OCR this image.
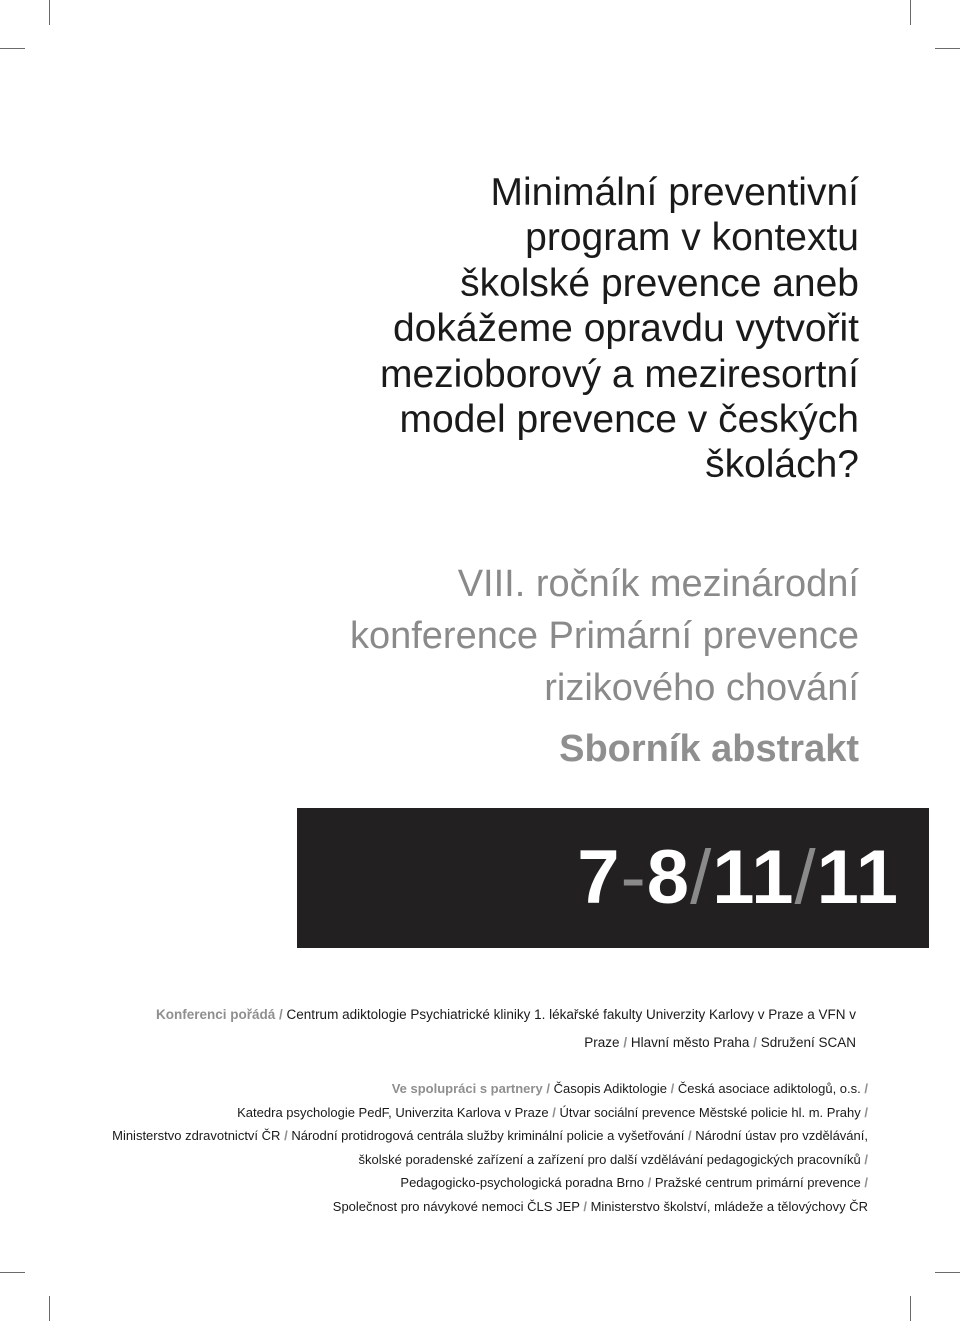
Minimální preventivní
program v kontextu
školské prevence aneb
dokážeme opravdu vytvořit
mezioborový a meziresortní
model prevence v českých
školách?
VIII. ročník mezinárodní
konference Primární prevence
rizikového chování
Sborník abstrakt
7-8/11/11
Konferenci pořádá / Centrum adiktologie Psychiatrické kliniky 1. lékařské fakulty Univerzity Karlovy v Praze a VFN v Praze / Hlavní město Praha / Sdružení SCAN
Ve spolupráci s partnery / Časopis Adiktologie / Česká asociace adiktologů, o.s. /
Katedra psychologie PedF, Univerzita Karlova v Praze / Útvar sociální prevence Městské policie hl. m. Prahy /
Ministerstvo zdravotnictví ČR / Národní protidrogová centrála služby kriminální policie a vyšetřování / Národní ústav pro vzdělávání, školské poradenské zařízení a zařízení pro další vzdělávání pedagogických pracovníků /
Pedagogicko-psychologická poradna Brno / Pražské centrum primární prevence /
Společnost pro návykové nemoci ČLS JEP / Ministerstvo školství, mládeže a tělovýchovy ČR
